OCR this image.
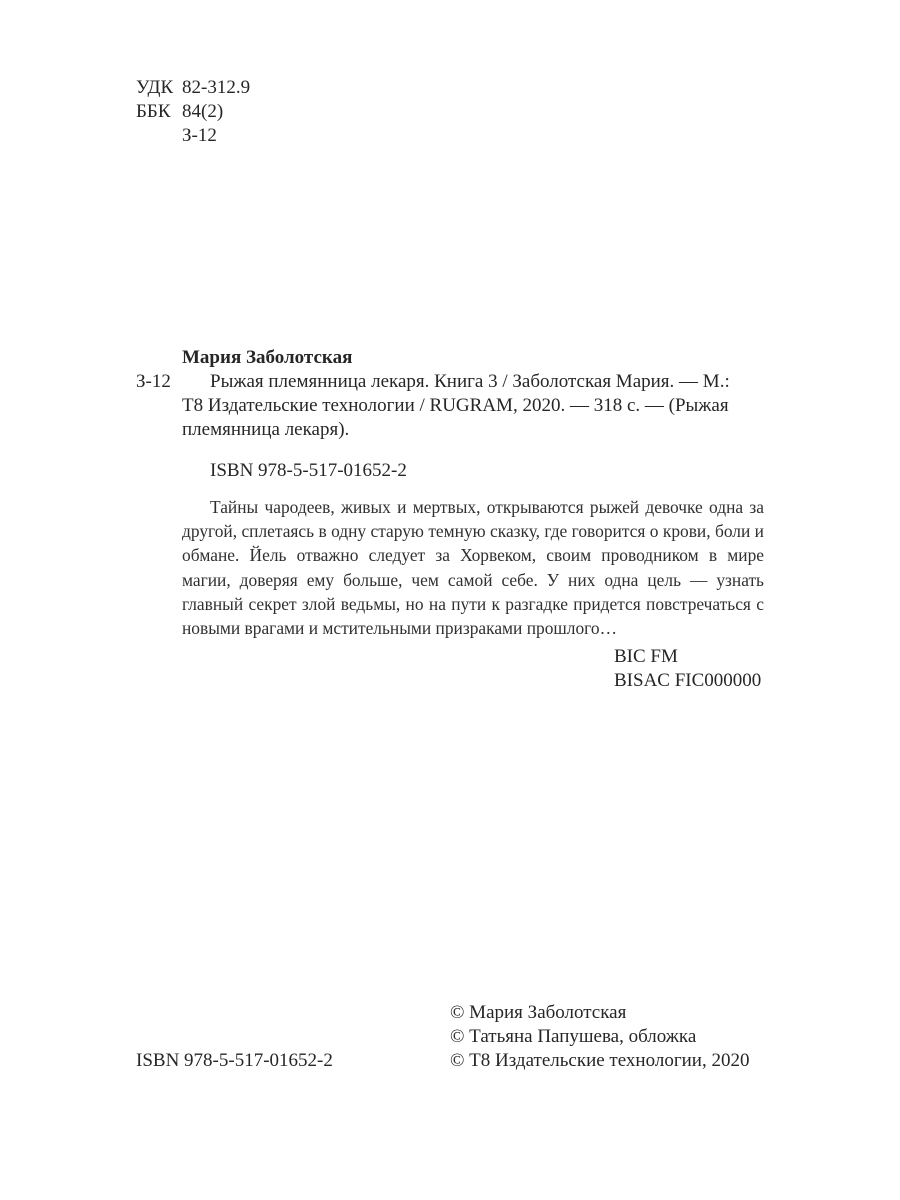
УДК 82-312.9
ББК 84(2)
З-12
Мария Заболотская
З-12	Рыжая племянница лекаря. Книга 3 / Заболотская Мария. — М.:

Т8 Издательские технологии / RUGRAM, 2020. — 318 с. — (Рыжая

племянница лекаря).

ISBN 978-5-517-01652-2

Тайны чародеев, живых и мертвых, открываются рыжей девочке одна за другой, сплетаясь в одну старую темную сказку, где говорится о крови, боли и обмане. Йель отважно следует за Хорвеком, своим проводником в мире магии, доверяя ему больше, чем самой себе. У них одна цель — узнать главный секрет злой ведьмы, но на пути к разгадке придется повстречаться с новыми врагами и мстительными призраками прошлого…

BIC FM
BISAC FIC000000
© Мария Заболотская
© Татьяна Папушева, обложка
© Т8 Издательские технологии, 2020
ISBN 978-5-517-01652-2
